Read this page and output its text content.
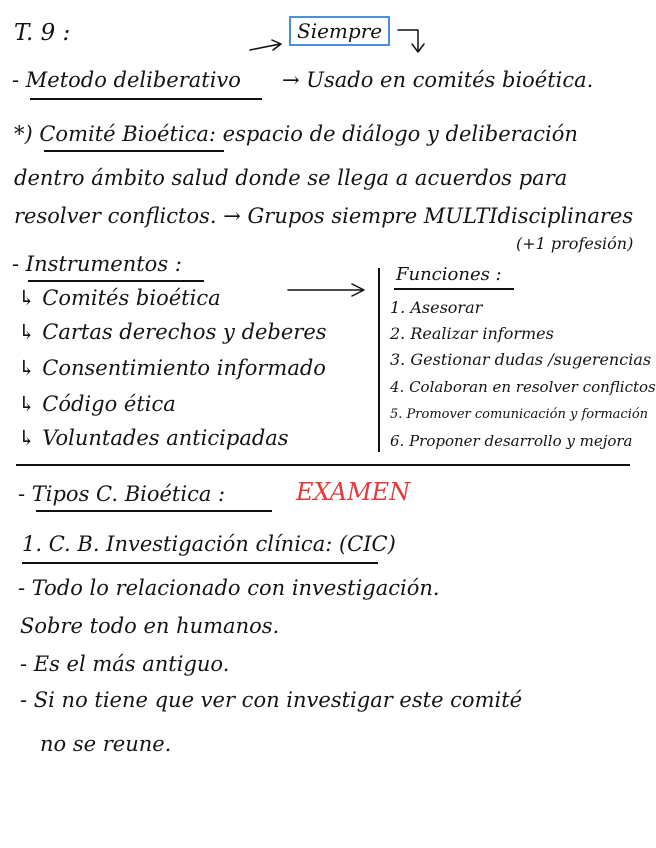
T. 9 :	Siempre
- Metodo deliberativo → Usado en comités bioética.
*) Comité Bioética: espacio de diálogo y deliberación
dentro ámbito salud donde se llega a acuerdos para
resolver conflictos. → Grupos siempre MULTIdisciplinares
(+1 profesión)
- Instrumentos :
↳ Comités bioética
↳ Cartas derechos y deberes
↳ Consentimiento informado
↳ Código ética
↳ Voluntades anticipadas
Funciones :
1. Asesorar
2. Realizar informes
3. Gestionar dudas /sugerencias
4. Colaboran en resolver conflictos
5. Promover comunicación y formación
6. Proponer desarrollo y mejora
- Tipos C. Bioética :	EXAMEN
1. C. B. Investigación clínica: (CIC)
- Todo lo relacionado con investigación.
Sobre todo en humanos.
- Es el más antiguo.
- Si no tiene que ver con investigar este comité
no se reune.
